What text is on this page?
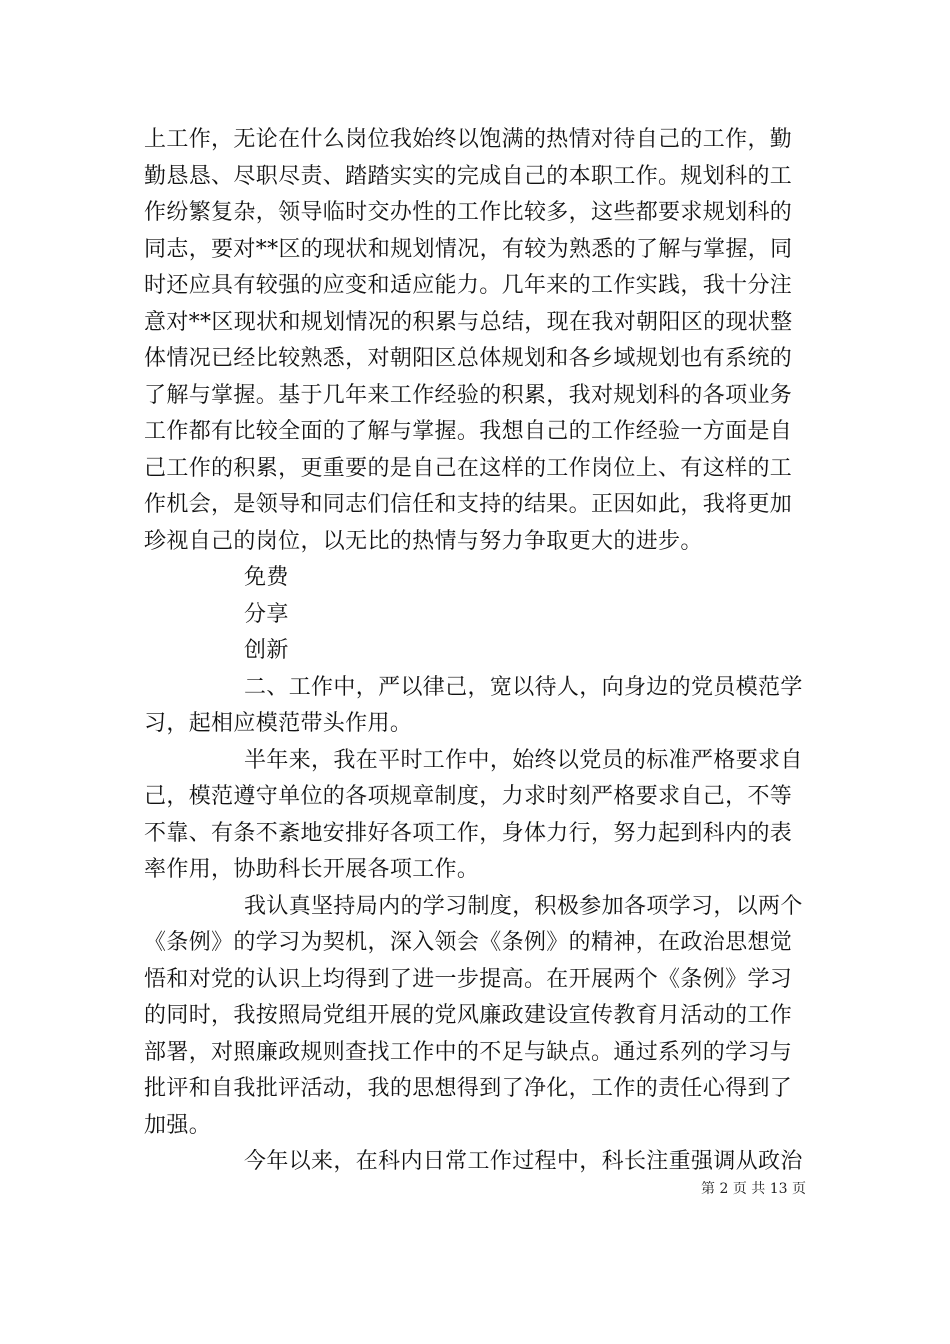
上工作，无论在什么岗位我始终以饱满的热情对待自己的工作，勤
勤恳恳、尽职尽责、踏踏实实的完成自己的本职工作。规划科的工
作纷繁复杂，领导临时交办性的工作比较多，这些都要求规划科的
同志，要对**区的现状和规划情况，有较为熟悉的了解与掌握，同
时还应具有较强的应变和适应能力。几年来的工作实践，我十分注
意对**区现状和规划情况的积累与总结，现在我对朝阳区的现状整
体情况已经比较熟悉，对朝阳区总体规划和各乡域规划也有系统的
了解与掌握。基于几年来工作经验的积累，我对规划科的各项业务
工作都有比较全面的了解与掌握。我想自己的工作经验一方面是自
己工作的积累，更重要的是自己在这样的工作岗位上、有这样的工
作机会，是领导和同志们信任和支持的结果。正因如此，我将更加
珍视自己的岗位，以无比的热情与努力争取更大的进步。
免费
分享
创新
二、工作中，严以律己，宽以待人，向身边的党员模范学
习，起相应模范带头作用。
半年来，我在平时工作中，始终以党员的标准严格要求自
己，模范遵守单位的各项规章制度，力求时刻严格要求自己，不等
不靠、有条不紊地安排好各项工作，身体力行，努力起到科内的表
率作用，协助科长开展各项工作。
我认真坚持局内的学习制度，积极参加各项学习，以两个
《条例》的学习为契机，深入领会《条例》的精神，在政治思想觉
悟和对党的认识上均得到了进一步提高。在开展两个《条例》学习
的同时，我按照局党组开展的党风廉政建设宣传教育月活动的工作
部署，对照廉政规则查找工作中的不足与缺点。通过系列的学习与
批评和自我批评活动，我的思想得到了净化，工作的责任心得到了
加强。
今年以来，在科内日常工作过程中，科长注重强调从政治
第 2 页 共 13 页
